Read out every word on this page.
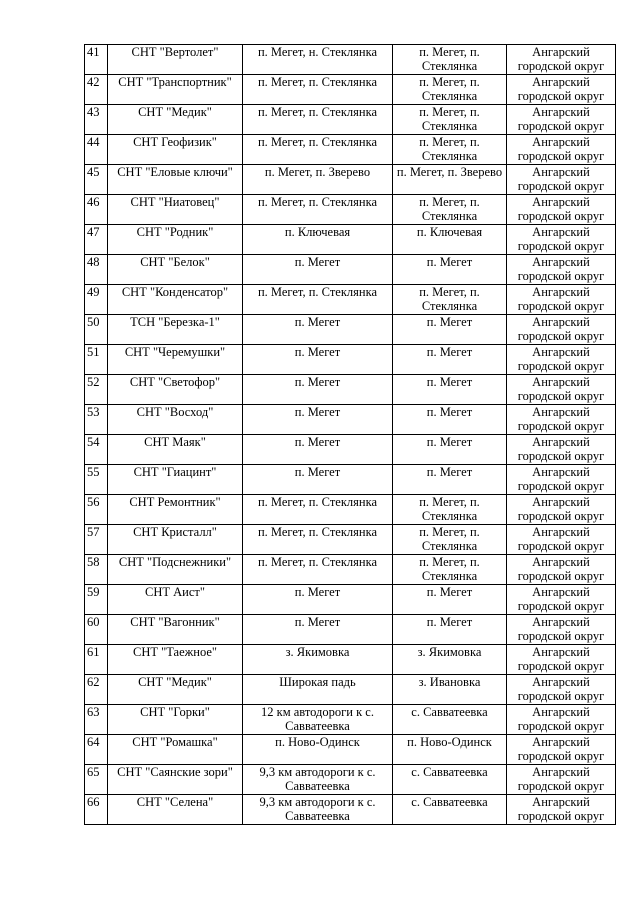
41	СНТ "Вертолет"	п. Мегет, н. Стеклянка	п. Мегет, п. Стеклянка	Ангарский городской округ
42	СНТ "Транспортник"	п. Мегет, п. Стеклянка	п. Мегет, п. Стеклянка	Ангарский городской округ
43	СНТ "Медик"	п. Мегет, п. Стеклянка	п. Мегет, п. Стеклянка	Ангарский городской округ
44	СНТ Геофизик"	п. Мегет, п. Стеклянка	п. Мегет, п. Стеклянка	Ангарский городской округ
45	СНТ "Еловые ключи"	п. Мегет, п. Зверево	п. Мегет, п. Зверево	Ангарский городской округ
46	СНТ "Ниатовец"	п. Мегет, п. Стеклянка	п. Мегет, п. Стеклянка	Ангарский городской округ
47	СНТ "Родник"	п. Ключевая	п. Ключевая	Ангарский городской округ
48	СНТ "Белок"	п. Мегет	п. Мегет	Ангарский городской округ
49	СНТ "Конденсатор"	п. Мегет, п. Стеклянка	п. Мегет, п. Стеклянка	Ангарский городской округ
50	ТСН "Березка-1"	п. Мегет	п. Мегет	Ангарский городской округ
51	СНТ "Черемушки"	п. Мегет	п. Мегет	Ангарский городской округ
52	СНТ "Светофор"	п. Мегет	п. Мегет	Ангарский городской округ
53	СНТ "Восход"	п. Мегет	п. Мегет	Ангарский городской округ
54	СНТ Маяк"	п. Мегет	п. Мегет	Ангарский городской округ
55	СНТ "Гиацинт"	п. Мегет	п. Мегет	Ангарский городской округ
56	СНТ Ремонтник"	п. Мегет, п. Стеклянка	п. Мегет, п. Стеклянка	Ангарский городской округ
57	СНТ Кристалл"	п. Мегет, п. Стеклянка	п. Мегет, п. Стеклянка	Ангарский городской округ
58	СНТ "Подснежники"	п. Мегет, п. Стеклянка	п. Мегет, п. Стеклянка	Ангарский городской округ
59	СНТ Аист"	п. Мегет	п. Мегет	Ангарский городской округ
60	СНТ "Вагонник"	п. Мегет	п. Мегет	Ангарский городской округ
61	СНТ "Таежное"	з. Якимовка	з. Якимовка	Ангарский городской округ
62	СНТ "Медик"	Широкая падь	з. Ивановка	Ангарский городской округ
63	СНТ "Горки"	12 км автодороги к с. Савватеевка	с. Савватеевка	Ангарский городской округ
64	СНТ "Ромашка"	п. Ново-Одинск	п. Ново-Одинск	Ангарский городской округ
65	СНТ "Саянские зори"	9,3 км автодороги к с. Савватеевка	с. Савватеевка	Ангарский городской округ
66	СНТ "Селена"	9,3 км автодороги к с. Савватеевка	с. Савватеевка	Ангарский городской округ
